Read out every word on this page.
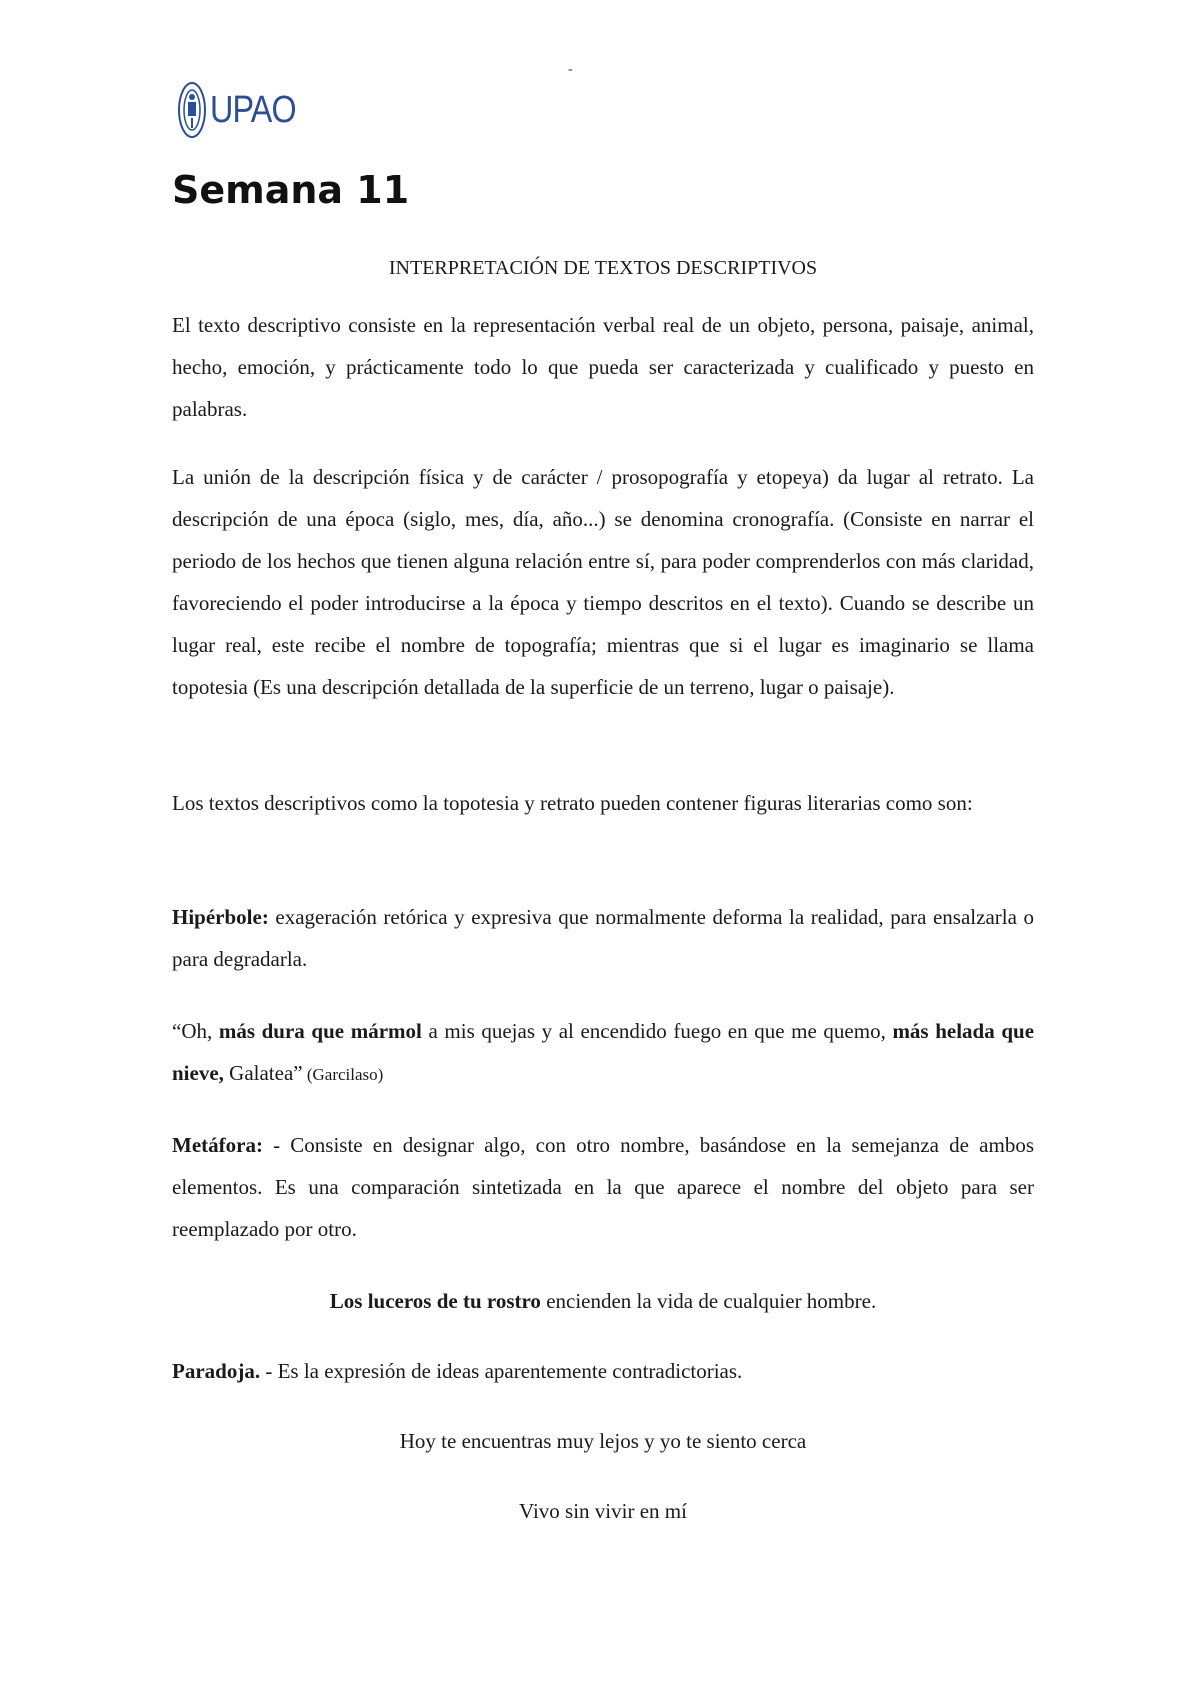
-
UPAO
Semana 11
INTERPRETACIÓN DE TEXTOS DESCRIPTIVOS

El texto descriptivo consiste en la representación verbal real de un objeto, persona, paisaje, animal, hecho, emoción, y prácticamente todo lo que pueda ser caracterizada y cualificado y puesto en palabras.

La unión de la descripción física y de carácter / prosopografía y etopeya) da lugar al retrato. La descripción de una época (siglo, mes, día, año...) se denomina cronografía. (Consiste en narrar el periodo de los hechos que tienen alguna relación entre sí, para poder comprenderlos con más claridad, favoreciendo el poder introducirse a la época y tiempo descritos en el texto). Cuando se describe un lugar real, este recibe el nombre de topografía; mientras que si el lugar es imaginario se llama topotesia (Es una descripción detallada de la superficie de un terreno, lugar o paisaje).

Los textos descriptivos como la topotesia y retrato pueden contener figuras literarias como son:

Hipérbole: exageración retórica y expresiva que normalmente deforma la realidad, para ensalzarla o para degradarla.

“Oh, más dura que mármol a mis quejas y al encendido fuego en que me quemo, más helada que nieve, Galatea” (Garcilaso)

Metáfora: - Consiste en designar algo, con otro nombre, basándose en la semejanza de ambos elementos. Es una comparación sintetizada en la que aparece el nombre del objeto para ser reemplazado por otro.

Los luceros de tu rostro encienden la vida de cualquier hombre.

Paradoja. - Es la expresión de ideas aparentemente contradictorias.

Hoy te encuentras muy lejos y yo te siento cerca

Vivo sin vivir en mí
